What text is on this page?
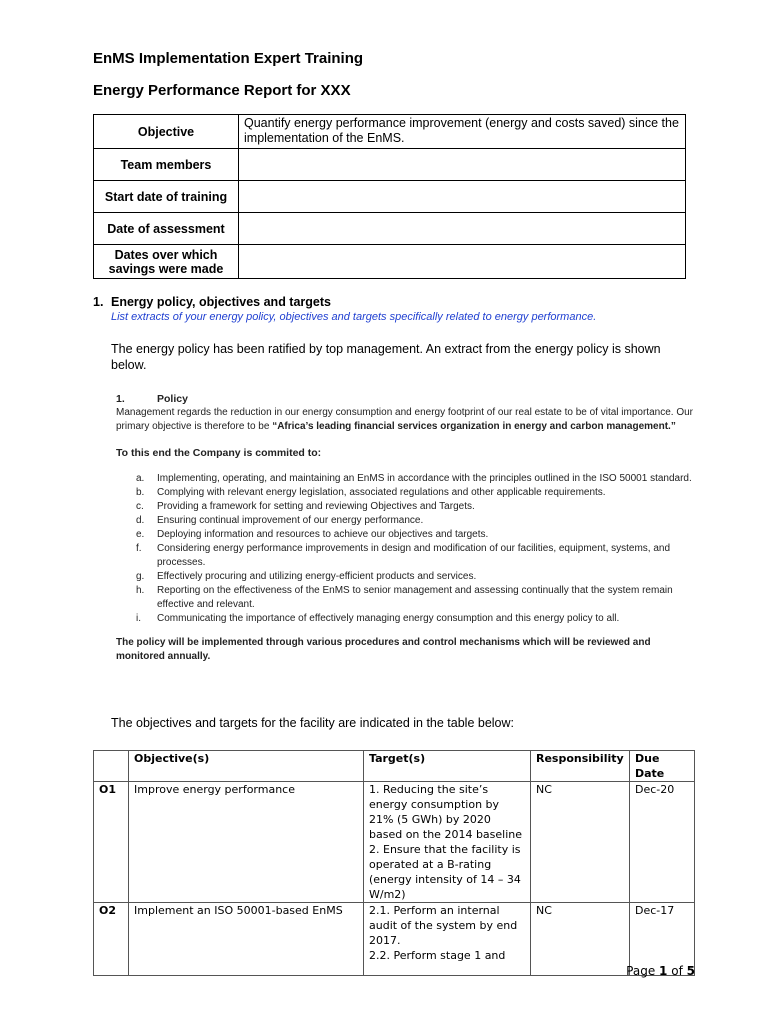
EnMS Implementation Expert Training
Energy Performance Report for XXX
Objective	Quantify energy performance improvement (energy and costs saved) since the implementation of the EnMS.
Team members	
Start date of training	
Date of assessment	
Dates over which savings were made	
1. Energy policy, objectives and targets
List extracts of your energy policy, objectives and targets specifically related to energy performance.
The energy policy has been ratified by top management. An extract from the energy policy is shown below.
1.	Policy

Management regards the reduction in our energy consumption and energy footprint of our real estate to be of vital importance. Our primary objective is therefore to be “Africa’s leading financial services organization in energy and carbon management.”

To this end the Company is commited to:
a. Implementing, operating, and maintaining an EnMS in accordance with the principles outlined in the ISO 50001 standard.
b. Complying with relevant energy legislation, associated regulations and other applicable requirements.
c. Providing a framework for setting and reviewing Objectives and Targets.
d. Ensuring continual improvement of our energy performance.
e. Deploying information and resources to achieve our objectives and targets.
f. Considering energy performance improvements in design and modification of our facilities, equipment, systems, and processes.
g. Effectively procuring and utilizing energy-efficient products and services.
h. Reporting on the effectiveness of the EnMS to senior management and assessing continually that the system remain effective and relevant.
i. Communicating the importance of effectively managing energy consumption and this energy policy to all.
The policy will be implemented through various procedures and control mechanisms which will be reviewed and monitored annually.
The objectives and targets for the facility are indicated in the table below:
	Objective(s)	Target(s)	Responsibility	Due Date
O1	Improve energy performance	1. Reducing the site’s energy consumption by 21% (5 GWh) by 2020 based on the 2014 baseline
2. Ensure that the facility is operated at a B-rating (energy intensity of 14 – 34 W/m2)	NC	Dec-20
O2	Implement an ISO 50001-based EnMS	2.1. Perform an internal audit of the system by end 2017.
2.2. Perform stage 1 and	NC	Dec-17
Page 1 of 5
